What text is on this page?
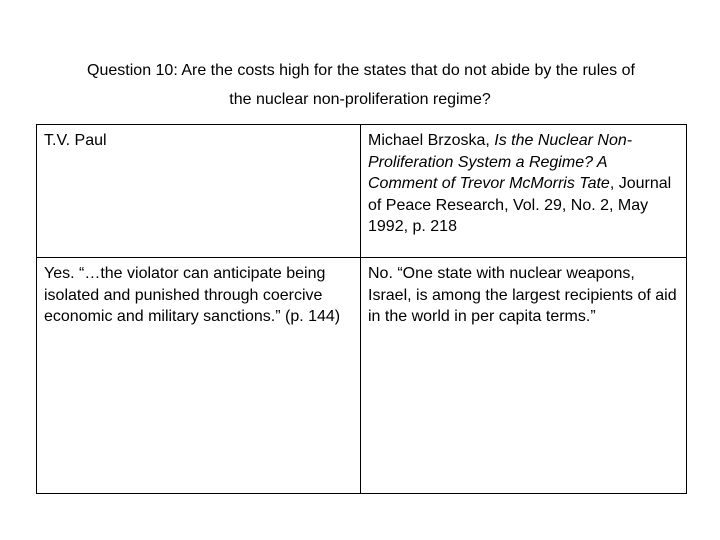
Question 10: Are the costs high for the states that do not abide by the rules of
the nuclear non-proliferation regime?
T.V. Paul	Michael Brzoska, Is the Nuclear Non-Proliferation System a Regime? A Comment of Trevor McMorris Tate, Journal of Peace Research, Vol. 29, No. 2, May 1992, p. 218
Yes. “…the violator can anticipate being isolated and punished through coercive economic and military sanctions.” (p. 144)	No. “One state with nuclear weapons, Israel, is among the largest recipients of aid in the world in per capita terms.”
